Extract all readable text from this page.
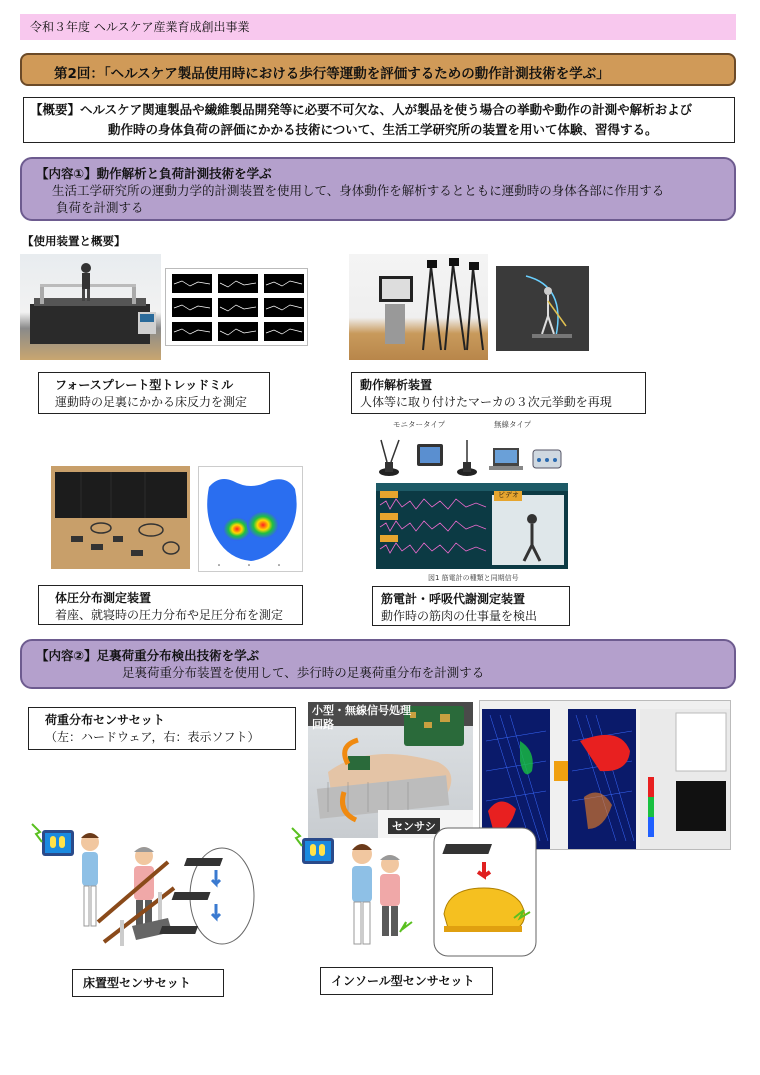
令和３年度 ヘルスケア産業育成創出事業
第2回：「ヘルスケア製品使用時における歩行等運動を評価するための動作計測技術を学ぶ」
【概要】ヘルスケア関連製品や繊維製品開発等に必要不可欠な、人が製品を使う場合の挙動や動作の計測や解析および
動作時の身体負荷の評価にかかる技術について、生活工学研究所の装置を用いて体験、習得する。
【内容①】動作解析と負荷計測技術を学ぶ
生活工学研究所の運動力学的計測装置を使用して、身体動作を解析するとともに運動時の身体各部に作用する
負荷を計測する
【使用装置と概要】
フォースプレート型トレッドミル
運動時の足裏にかかる床反力を測定
動作解析装置
人体等に取り付けたマーカの３次元挙動を再現
モニタータイプ	無線タイプ
ビデオ
図1 筋電計の種類と同期信号
体圧分布測定装置
着座、就寝時の圧力分布や足圧分布を測定
筋電計・呼吸代謝測定装置
動作時の筋肉の仕事量を検出
【内容②】足裏荷重分布検出技術を学ぶ
足裏荷重分布装置を使用して、歩行時の足裏荷重分布を計測する
荷重分布センサセット
（左：ハードウェア，右：表示ソフト）
小型・無線信号処理
回路
センサシ
床置型センサセット	インソール型センサセット
